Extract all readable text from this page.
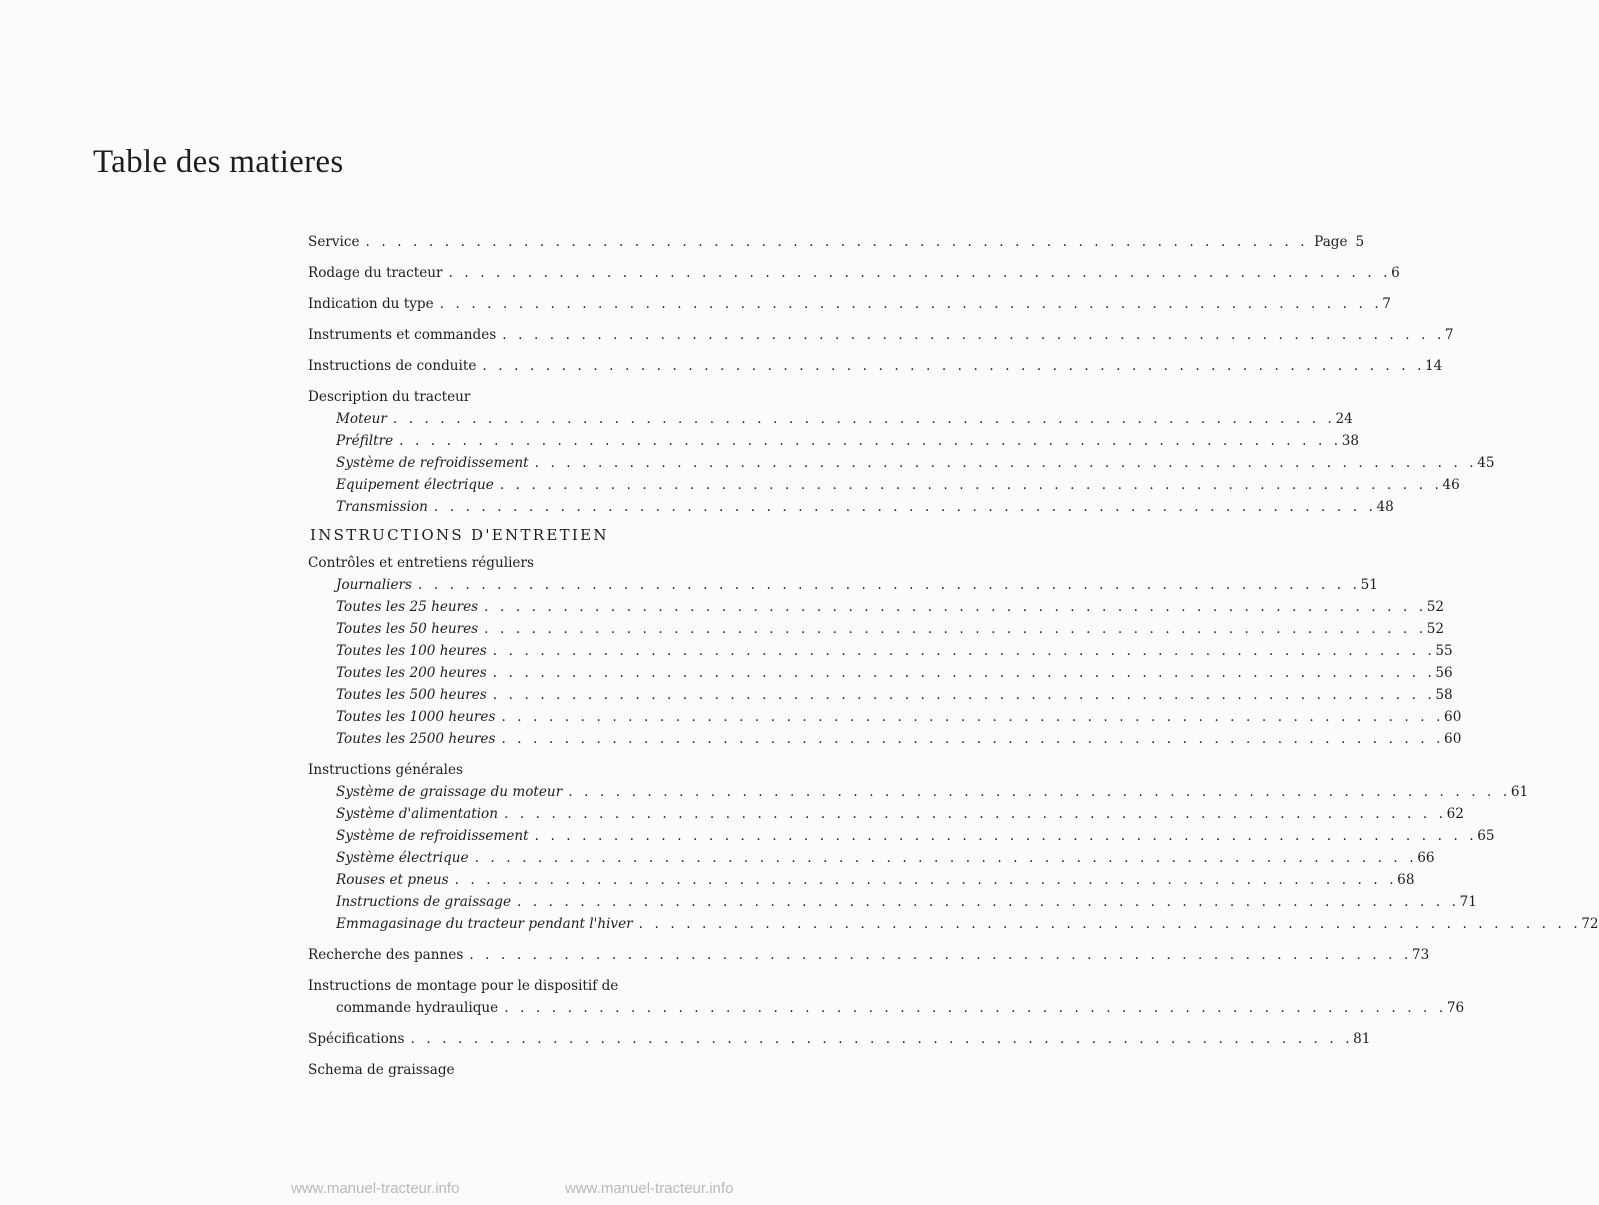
Table des matieres
Service . . . . . . . . . . . . . . . . . . . . . . . . . . . . . . . . . . . . . . . . . . . . . . . . . . . . . . . . . . . . Page 5
Rodage du tracteur . . . . . . . . . . . . . . . . . . . . . . . . . . . . . . . . . . . . . . . . . . . . . . . . . . . . . . . . . . . . 6
Indication du type . . . . . . . . . . . . . . . . . . . . . . . . . . . . . . . . . . . . . . . . . . . . . . . . . . . . . . . . . . . . 7
Instruments et commandes . . . . . . . . . . . . . . . . . . . . . . . . . . . . . . . . . . . . . . . . . . . . . . . . . . . . . . . . . . . . 7
Instructions de conduite . . . . . . . . . . . . . . . . . . . . . . . . . . . . . . . . . . . . . . . . . . . . . . . . . . . . . . . . . . . . 14
Description du tracteur
Moteur . . . . . . . . . . . . . . . . . . . . . . . . . . . . . . . . . . . . . . . . . . . . . . . . . . . . . . . . . . . . 24
Préfiltre . . . . . . . . . . . . . . . . . . . . . . . . . . . . . . . . . . . . . . . . . . . . . . . . . . . . . . . . . . . . 38
Système de refroidissement . . . . . . . . . . . . . . . . . . . . . . . . . . . . . . . . . . . . . . . . . . . . . . . . . . . . . . . . . . . . 45
Equipement électrique . . . . . . . . . . . . . . . . . . . . . . . . . . . . . . . . . . . . . . . . . . . . . . . . . . . . . . . . . . . . 46
Transmission . . . . . . . . . . . . . . . . . . . . . . . . . . . . . . . . . . . . . . . . . . . . . . . . . . . . . . . . . . . . 48
INSTRUCTIONS D'ENTRETIEN
Contrôles et entretiens réguliers
Journaliers . . . . . . . . . . . . . . . . . . . . . . . . . . . . . . . . . . . . . . . . . . . . . . . . . . . . . . . . . . . . 51
Toutes les 25 heures . . . . . . . . . . . . . . . . . . . . . . . . . . . . . . . . . . . . . . . . . . . . . . . . . . . . . . . . . . . . 52
Toutes les 50 heures . . . . . . . . . . . . . . . . . . . . . . . . . . . . . . . . . . . . . . . . . . . . . . . . . . . . . . . . . . . . 52
Toutes les 100 heures . . . . . . . . . . . . . . . . . . . . . . . . . . . . . . . . . . . . . . . . . . . . . . . . . . . . . . . . . . . . 55
Toutes les 200 heures . . . . . . . . . . . . . . . . . . . . . . . . . . . . . . . . . . . . . . . . . . . . . . . . . . . . . . . . . . . . 56
Toutes les 500 heures . . . . . . . . . . . . . . . . . . . . . . . . . . . . . . . . . . . . . . . . . . . . . . . . . . . . . . . . . . . . 58
Toutes les 1000 heures . . . . . . . . . . . . . . . . . . . . . . . . . . . . . . . . . . . . . . . . . . . . . . . . . . . . . . . . . . . . 60
Toutes les 2500 heures . . . . . . . . . . . . . . . . . . . . . . . . . . . . . . . . . . . . . . . . . . . . . . . . . . . . . . . . . . . . 60
Instructions générales
Système de graissage du moteur . . . . . . . . . . . . . . . . . . . . . . . . . . . . . . . . . . . . . . . . . . . . . . . . . . . . . . . . . . . . 61
Système d'alimentation . . . . . . . . . . . . . . . . . . . . . . . . . . . . . . . . . . . . . . . . . . . . . . . . . . . . . . . . . . . . 62
Système de refroidissement . . . . . . . . . . . . . . . . . . . . . . . . . . . . . . . . . . . . . . . . . . . . . . . . . . . . . . . . . . . . 65
Système électrique . . . . . . . . . . . . . . . . . . . . . . . . . . . . . . . . . . . . . . . . . . . . . . . . . . . . . . . . . . . . 66
Rouses et pneus . . . . . . . . . . . . . . . . . . . . . . . . . . . . . . . . . . . . . . . . . . . . . . . . . . . . . . . . . . . . 68
Instructions de graissage . . . . . . . . . . . . . . . . . . . . . . . . . . . . . . . . . . . . . . . . . . . . . . . . . . . . . . . . . . . . 71
Emmagasinage du tracteur pendant l'hiver . . . . . . . . . . . . . . . . . . . . . . . . . . . . . . . . . . . . . . . . . . . . . . . . . . . . . . . . . . . . 72
Recherche des pannes . . . . . . . . . . . . . . . . . . . . . . . . . . . . . . . . . . . . . . . . . . . . . . . . . . . . . . . . . . . . 73
Instructions de montage pour le dispositif de
commande hydraulique . . . . . . . . . . . . . . . . . . . . . . . . . . . . . . . . . . . . . . . . . . . . . . . . . . . . . . . . . . . . 76
Spécifications . . . . . . . . . . . . . . . . . . . . . . . . . . . . . . . . . . . . . . . . . . . . . . . . . . . . . . . . . . . . 81
Schema de graissage
www.manuel-tracteur.info	www.manuel-tracteur.info
